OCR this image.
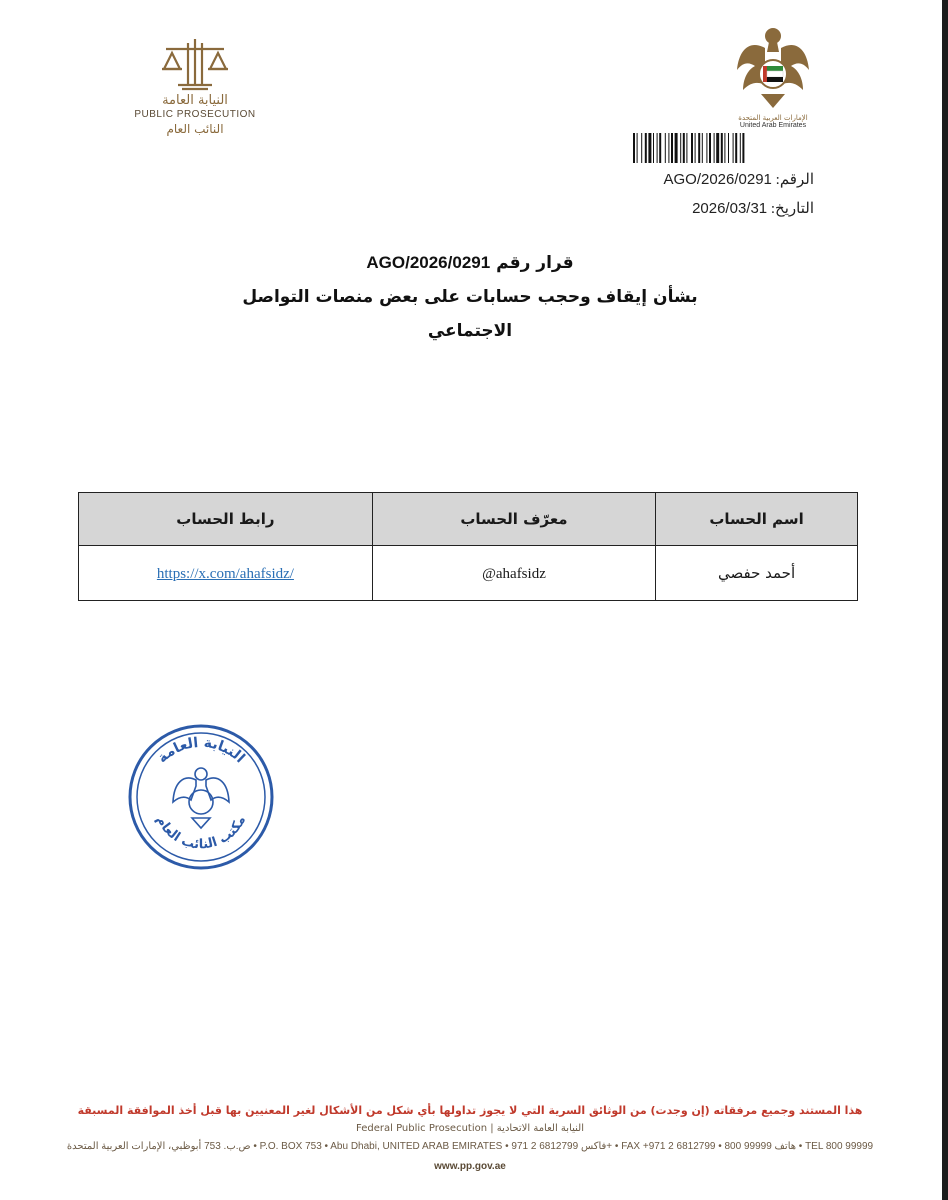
النيابة العامة
PUBLIC PROSECUTION
النائب العام
الإمارات العربية المتحدة
United Arab Emirates
الرقم: AGO/2026/0291
التاريخ: 2026/03/31
قرار رقم AGO/2026/0291
بشأن إيقاف وحجب حسابات على بعض منصات التواصل
الاجتماعي
اسم الحساب	معرّف الحساب	رابط الحساب
أحمد حفصي	@ahafsidz	https://x.com/ahafsidz/
النيابة العامة
مكتب النائب العام
هذا المستند وجميع مرفقاته (إن وجدت) من الوثائق السرية التي لا يجوز تداولها بأي شكل من الأشكال لغير المعنيين بها قبل أخذ الموافقة المسبقة
Federal Public Prosecution | النيابة العامة الاتحادية
ص.ب. 753 أبوظبي، الإمارات العربية المتحدة • P.O. BOX 753 • Abu Dhabi, UNITED ARAB EMIRATES • فاكس 6812799 2 971+ • FAX +971 2 6812799 • هاتف 99999 800 • TEL 800 99999
www.pp.gov.ae
